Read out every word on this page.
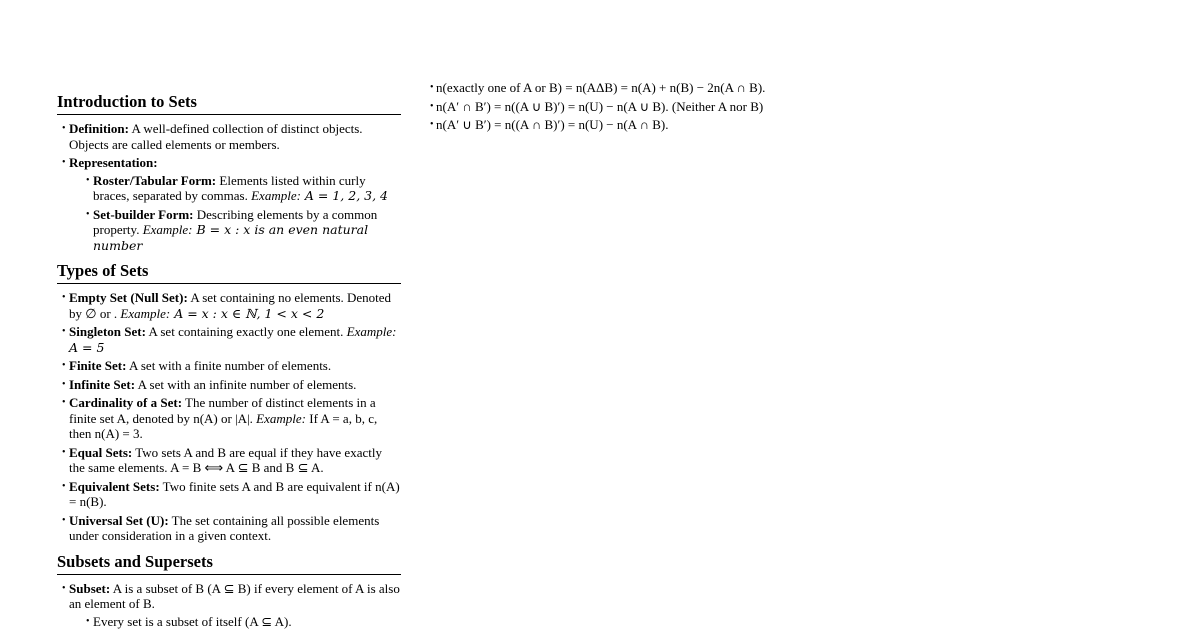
Introduction to Sets
• Definition: A well-defined collection of distinct objects. Objects are called elements or members.
• Representation:
• Roster/Tabular Form: Elements listed within curly braces, separated by commas. Example: A = 1, 2, 3, 4
• Set-builder Form: Describing elements by a common property. Example: B = x : x is an even natural number
Types of Sets
• Empty Set (Null Set): A set containing no elements. Denoted by ∅ or . Example: A = x : x ∈ ℕ, 1 < x < 2
• Singleton Set: A set containing exactly one element. Example: A = 5
• Finite Set: A set with a finite number of elements.
• Infinite Set: A set with an infinite number of elements.
• Cardinality of a Set: The number of distinct elements in a finite set A, denoted by n(A) or |A|. Example: If A = a, b, c, then n(A) = 3.
• Equal Sets: Two sets A and B are equal if they have exactly the same elements. A = B ⟺ A ⊆ B and B ⊆ A.
• Equivalent Sets: Two finite sets A and B are equivalent if n(A) = n(B).
• Universal Set (U): The set containing all possible elements under consideration in a given context.
Subsets and Supersets
• Subset: A is a subset of B (A ⊆ B) if every element of A is also an element of B.
• Every set is a subset of itself (A ⊆ A).
• n(exactly one of A or B) = n(AΔB) = n(A) + n(B) − 2n(A ∩ B).
• n(A′ ∩ B′) = n((A ∪ B)′) = n(U) − n(A ∪ B). (Neither A nor B)
• n(A′ ∪ B′) = n((A ∩ B)′) = n(U) − n(A ∩ B).
